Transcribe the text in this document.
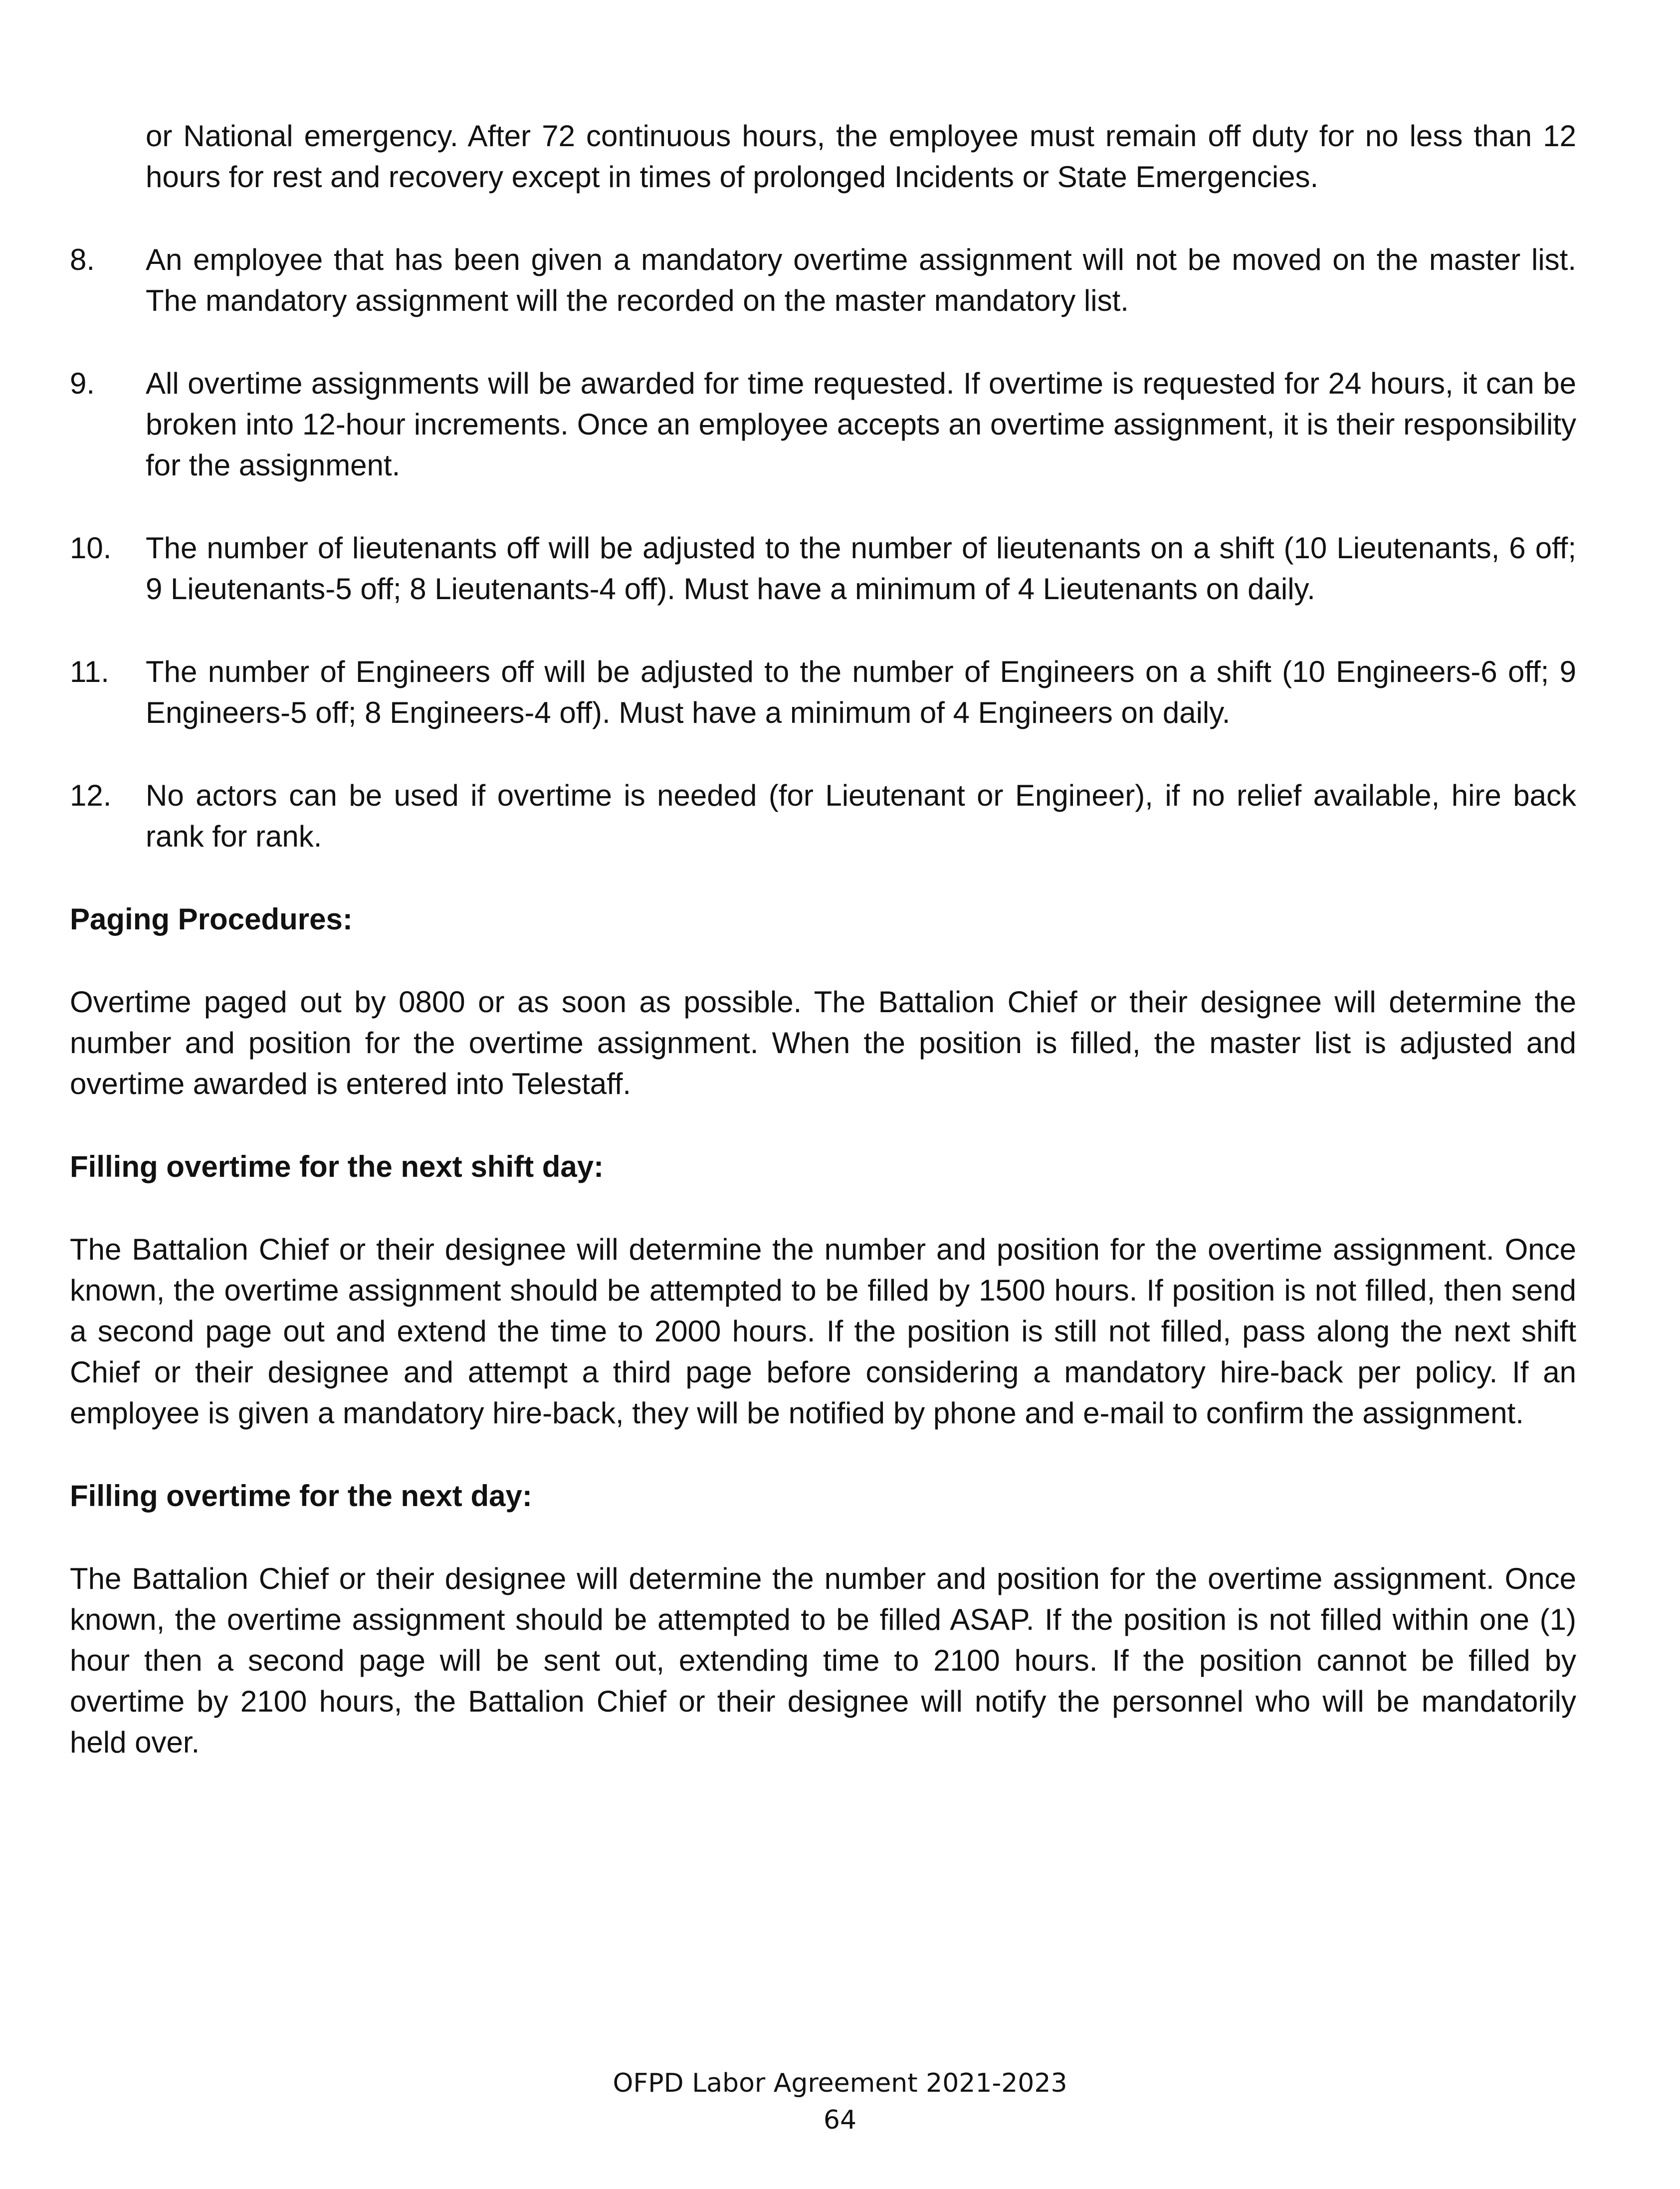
or National emergency. After 72 continuous hours, the employee must remain off duty for no less than 12 hours for rest and recovery except in times of prolonged Incidents or State Emergencies.

8. An employee that has been given a mandatory overtime assignment will not be moved on the master list. The mandatory assignment will the recorded on the master mandatory list.
9. All overtime assignments will be awarded for time requested. If overtime is requested for 24 hours, it can be broken into 12-hour increments. Once an employee accepts an overtime assignment, it is their responsibility for the assignment.
10. The number of lieutenants off will be adjusted to the number of lieutenants on a shift (10 Lieutenants, 6 off; 9 Lieutenants-5 off; 8 Lieutenants-4 off). Must have a minimum of 4 Lieutenants on daily.
11. The number of Engineers off will be adjusted to the number of Engineers on a shift (10 Engineers-6 off; 9 Engineers-5 off; 8 Engineers-4 off). Must have a minimum of 4 Engineers on daily.
12. No actors can be used if overtime is needed (for Lieutenant or Engineer), if no relief available, hire back rank for rank.

Paging Procedures:

Overtime paged out by 0800 or as soon as possible. The Battalion Chief or their designee will determine the number and position for the overtime assignment. When the position is filled, the master list is adjusted and overtime awarded is entered into Telestaff.

Filling overtime for the next shift day:

The Battalion Chief or their designee will determine the number and position for the overtime assignment. Once known, the overtime assignment should be attempted to be filled by 1500 hours. If position is not filled, then send a second page out and extend the time to 2000 hours. If the position is still not filled, pass along the next shift Chief or their designee and attempt a third page before considering a mandatory hire-back per policy. If an employee is given a mandatory hire-back, they will be notified by phone and e-mail to confirm the assignment.

Filling overtime for the next day:

The Battalion Chief or their designee will determine the number and position for the overtime assignment. Once known, the overtime assignment should be attempted to be filled ASAP. If the position is not filled within one (1) hour then a second page will be sent out, extending time to 2100 hours. If the position cannot be filled by overtime by 2100 hours, the Battalion Chief or their designee will notify the personnel who will be mandatorily held over.

OFPD Labor Agreement 2021-2023
64
